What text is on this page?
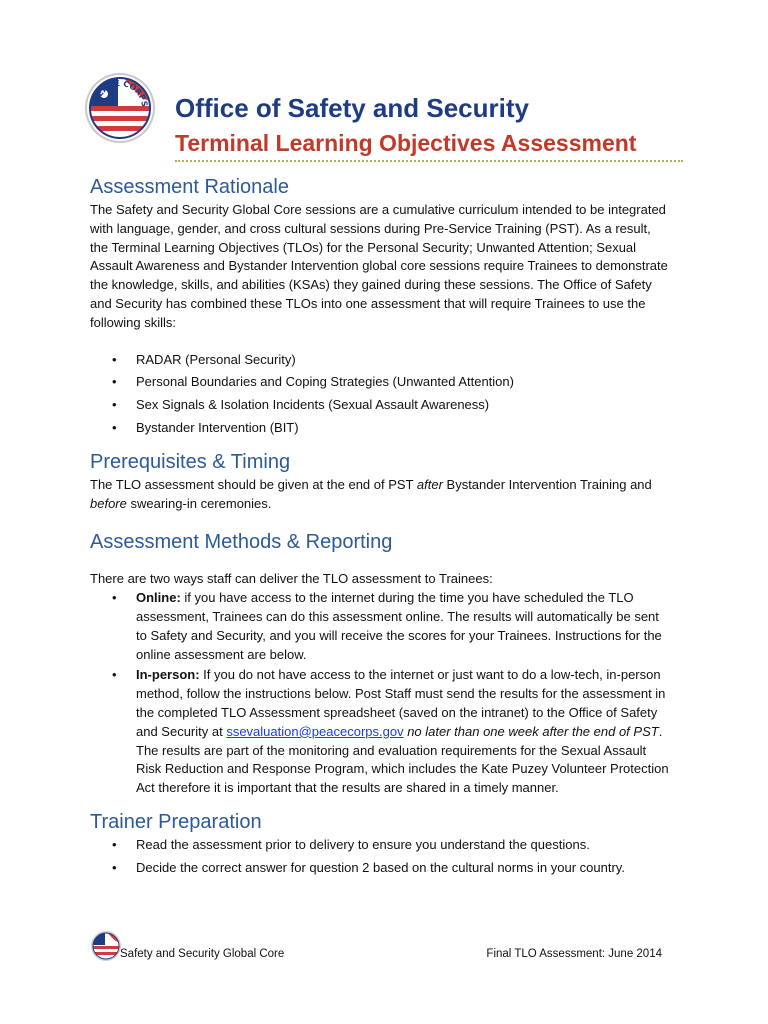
PEACE CORPS Office of Safety and Security
Terminal Learning Objectives Assessment
Assessment Rationale

The Safety and Security Global Core sessions are a cumulative curriculum intended to be integrated with language, gender, and cross cultural sessions during Pre-Service Training (PST). As a result, the Terminal Learning Objectives (TLOs) for the Personal Security; Unwanted Attention; Sexual Assault Awareness and Bystander Intervention global core sessions require Trainees to demonstrate the knowledge, skills, and abilities (KSAs) they gained during these sessions. The Office of Safety and Security has combined these TLOs into one assessment that will require Trainees to use the following skills:

• RADAR (Personal Security)
• Personal Boundaries and Coping Strategies (Unwanted Attention)
• Sex Signals & Isolation Incidents (Sexual Assault Awareness)
• Bystander Intervention (BIT)
Prerequisites & Timing

The TLO assessment should be given at the end of PST after Bystander Intervention Training and before swearing-in ceremonies.

Assessment Methods & Reporting

There are two ways staff can deliver the TLO assessment to Trainees:

• Online: if you have access to the internet during the time you have scheduled the TLO assessment, Trainees can do this assessment online. The results will automatically be sent to Safety and Security, and you will receive the scores for your Trainees. Instructions for the online assessment are below.
• In-person: If you do not have access to the internet or just want to do a low-tech, in-person method, follow the instructions below. Post Staff must send the results for the assessment in the completed TLO Assessment spreadsheet (saved on the intranet) to the Office of Safety and Security at ssevaluation@peacecorps.gov no later than one week after the end of PST. The results are part of the monitoring and evaluation requirements for the Sexual Assault Risk Reduction and Response Program, which includes the Kate Puzey Volunteer Protection Act therefore it is important that the results are shared in a timely manner.
Trainer Preparation
• Read the assessment prior to delivery to ensure you understand the questions.
• Decide the correct answer for question 2 based on the cultural norms in your country.
Safety and Security Global Core	Final TLO Assessment: June 2014
